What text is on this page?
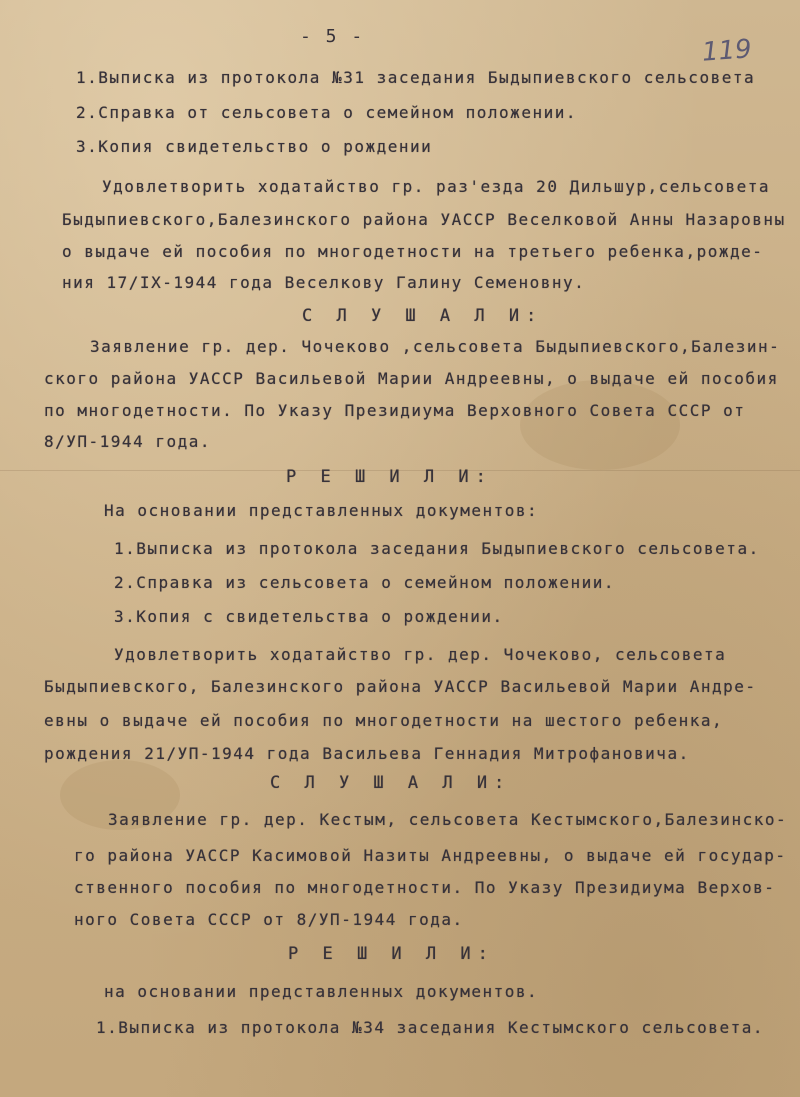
- 5 -	119
1.Выписка из протокола №31 заседания Быдыпиевского сельсовета
2.Справка от сельсовета о семейном положении.
3.Копия свидетельство о рождении
Удовлетворить ходатайство гр. раз'езда 20 Дильшур,сельсовета
Быдыпиевского,Балезинского района УАССР Веселковой Анны Назаровны
о выдаче ей пособия по многодетности на третьего ребенка,рожде-
ния 17/IX-1944 года Веселкову Галину Семеновну.
С Л У Ш А Л И:
Заявление гр. дер. Чочеково ,сельсовета Быдыпиевского,Балезин-
ского района УАССР Васильевой Марии Андреевны, о выдаче ей пособия
по многодетности. По Указу Президиума Верховного Совета СССР от
8/УП-1944 года.
Р Е Ш И Л И:
На основании представленных документов:
1.Выписка из протокола заседания Быдыпиевского сельсовета.
2.Справка из сельсовета о семейном положении.
3.Копия с свидетельства о рождении.
Удовлетворить ходатайство гр. дер. Чочеково, сельсовета
Быдыпиевского, Балезинского района УАССР Васильевой Марии Андре-
евны о выдаче ей пособия по многодетности на шестого ребенка,
рождения 21/УП-1944 года Васильева Геннадия Митрофановича.
С Л У Ш А Л И:
Заявление гр. дер. Кестым, сельсовета Кестымского,Балезинско-
го района УАССР Касимовой Назиты Андреевны, о выдаче ей государ-
ственного пособия по многодетности. По Указу Президиума Верхов-
ного Совета СССР от 8/УП-1944 года.
Р Е Ш И Л И:
на основании представленных документов.
1.Выписка из протокола №34 заседания Кестымского сельсовета.
